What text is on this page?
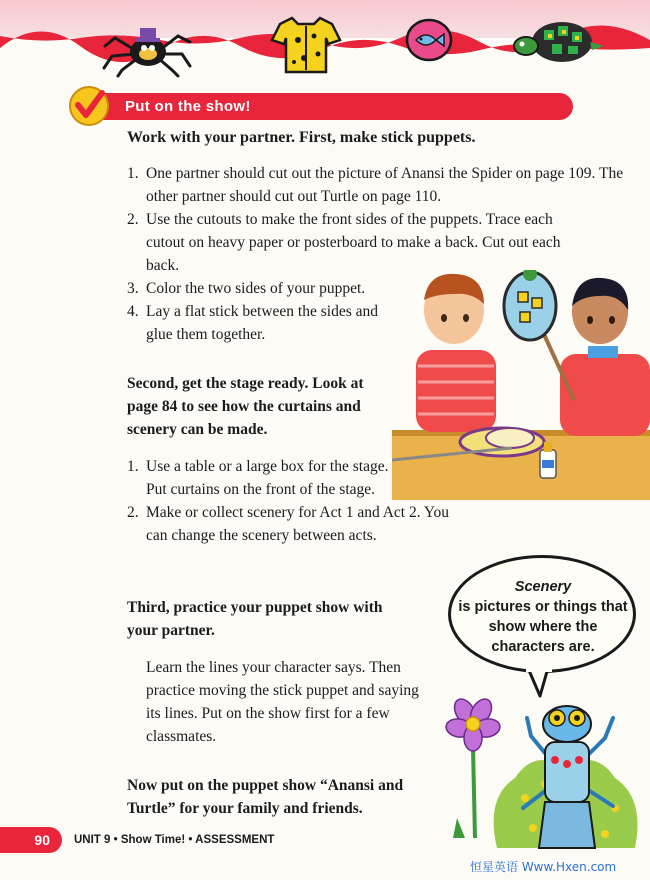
Put on the show!
Work with your partner. First, make stick puppets.
1. One partner should cut out the picture of Anansi the Spider on page 109. The other partner should cut out Turtle on page 110.
2. Use the cutouts to make the front sides of the puppets. Trace each cutout on heavy paper or posterboard to make a back. Cut out each back.
3. Color the two sides of your puppet.
4. Lay a flat stick between the sides and glue them together.
Second, get the stage ready. Look at page 84 to see how the curtains and scenery can be made.
1. Use a table or a large box for the stage. Put curtains on the front of the stage.
2. Make or collect scenery for Act 1 and Act 2. You can change the scenery between acts.
Third, practice your puppet show with your partner.
Learn the lines your character says. Then practice moving the stick puppet and saying its lines. Put on the show first for a few classmates.
Scenery
is pictures or things that show where the characters are.
Now put on the puppet show “Anansi and Turtle” for your family and friends.
90	UNIT 9 • Show Time! • ASSESSMENT
恒星英语 Www.Hxen.com
